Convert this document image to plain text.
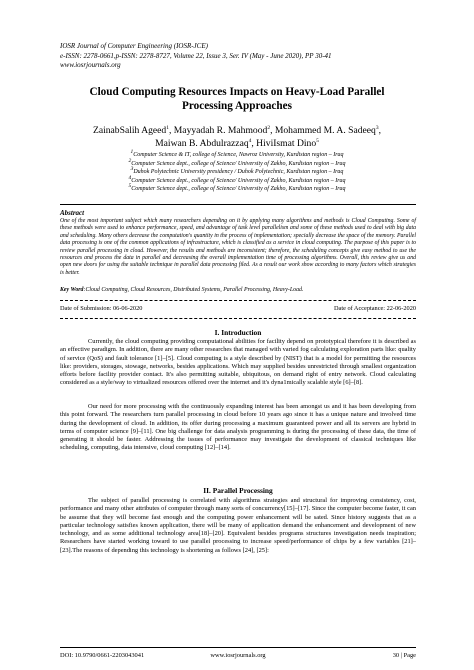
IOSR Journal of Computer Engineering (IOSR-JCE)
e-ISSN: 2278-0661,p-ISSN: 2278-8727, Volume 22, Issue 3, Ser. IV (May - June 2020), PP 30-41
www.iosrjournals.org
Cloud Computing Resources Impacts on Heavy-Load Parallel
Processing Approaches
ZainabSalih Ageed$^1$, Mayyadah R. Mahmood$^2$, Mohammed M. A. Sadeeq$^3$,
Maiwan B. Abdulrazzaq$^4$, HiviIsmat Dino$^5$
$^1$Computer Science & IT, college of Science, Nawroz University, Kurdistan region – Iraq
$^2$Computer Science dept., college of Science/ University of Zakho, Kurdistan region – Iraq
$^3$Duhok Polytechnic University presidency / Duhok Polytechnic, Kurdistan region – Iraq
$^4$Computer Science dept., college of Science/ University of Zakho, Kurdistan region – Iraq
$^5$Computer Science dept., college of Science/ University of Zakho, Kurdistan region – Iraq
Abstract
One of the most important subject which many researchers depending on it by applying many algorithms and methods is Cloud Computing. Some of these methods were used to enhance performance, speed, and advantage of task level parallelism and some of these methods used to deal with big data and scheduling. Many others decrease the computation's quantity in the process of implementation; specially decrease the space of the memory. Parallel data processing is one of the common applications of infrastructure, which is classified as a service in cloud computing. The purpose of this paper is to review parallel processing in cloud. However, the results and methods are inconsistent; therefore, the scheduling concepts give easy method to use the resources and process the data in parallel and decreasing the overall implementation time of processing algorithms. Overall, this review give us and open new doors for using the suitable technique in parallel data processing filed. As a result our work show according to many factors which strategies is better.
Key Word:Cloud Computing, Cloud Resources, Distributed Systems, Parallel Processing, Heavy-Load.
Date of Submission: 06-06-2020	Date of Acceptance: 22-06-2020
I. Introduction
Currently, the cloud computing providing computational abilities for facility depend on prototypical therefore it is described as an effective paradigm. In addition, there are many other researches that managed with varied fog calculating exploration parts like: quality of service (QoS) and fault tolerance [1]–[5]. Cloud computing is a style described by (NIST) that is a model for permitting the resources like: providers, storages, stowage, networks, besides applications. Which may supplied besides unrestricted through smallest organization efforts before facility provider contact. It's also permitting suitable, ubiquitous, on demand right of entry network. Cloud calculating considered as a style/way to virtualized resources offered over the internet and it's dyna1mically scalable style [6]–[8].
Our need for more processing with the continuously expanding interest has been amongst us and it has been developing from this point forward. The researchers turn parallel processing in cloud before 10 years ago since it has a unique nature and involved time during the development of cloud. In addition, its offer during processing a maximum guaranteed power and all its servers are hybrid in terms of computer science [9]–[11]. One big challenge for data analysis programming is during the processing of these data, the time of generating it should be faster. Addressing the issues of performance may investigate the development of classical techniques like scheduling, computing, data intensive, cloud computing [12]–[14].
II. Parallel Processing
The subject of parallel processing is correlated with algorithms strategies and structural for improving consistency, cost, performance and many other attributes of computer through many sorts of concurrency[15]–[17]. Since the computer become faster, it can be assume that they will become fast enough and the computing power enhancement will be sated. Since history suggests that as a particular technology satisfies known application, there will be many of application demand the enhancement and development of new technology, and as some additional technology area[18]–[20]. Equivalent besides programs structures investigation needs inspiration; Researchers have started working toward to use parallel processing to increase speed/performance of chips by a few variables [21]–[23].The reasons of depending this technology is shortening as follows [24], [25]:
DOI: 10.9790/0661-2203043041	www.iosrjournals.org	30 | Page
